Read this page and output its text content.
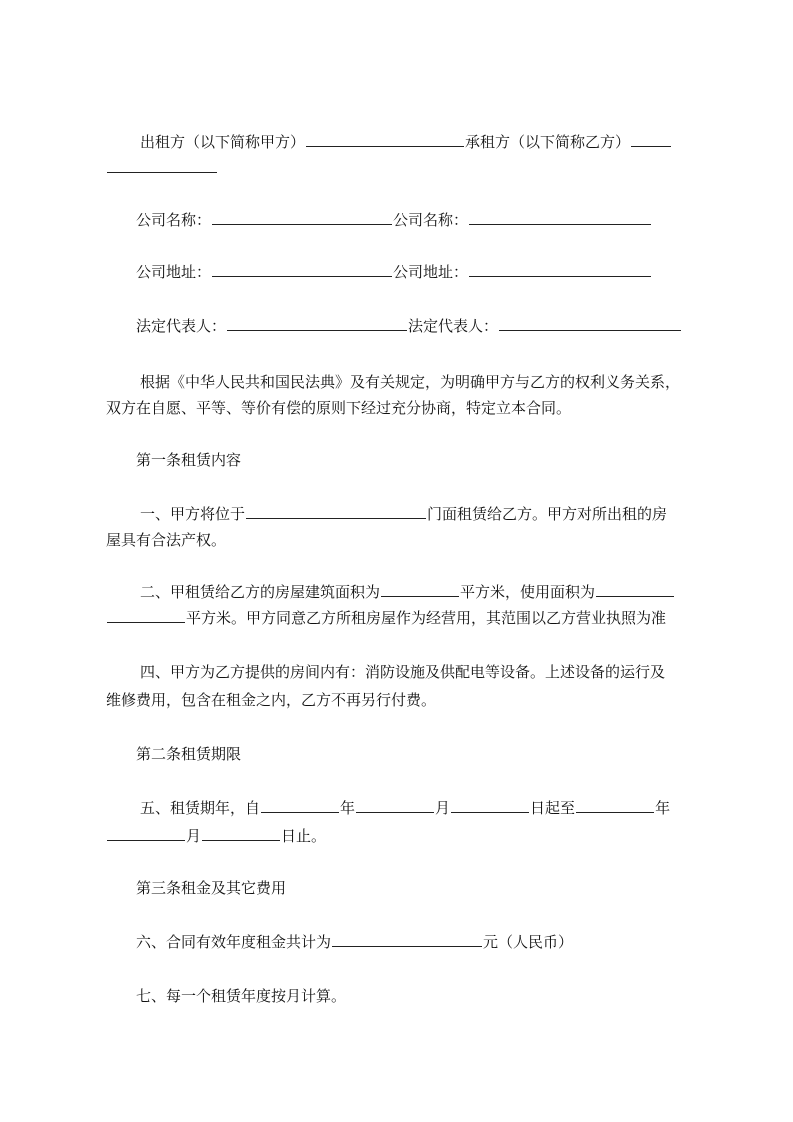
出租方（以下简称甲方）	承租方（以下简称乙方）
公司名称：	公司名称：
公司地址：	公司地址：
法定代表人：	法定代表人：
根据《中华人民共和国民法典》及有关规定，为明确甲方与乙方的权利义务关系，
双方在自愿、平等、等价有偿的原则下经过充分协商，特定立本合同。
第一条租赁内容
一、甲方将位于	门面租赁给乙方。甲方对所出租的房
屋具有合法产权。
二、甲租赁给乙方的房屋建筑面积为	平方米，使用面积为
平方米。甲方同意乙方所租房屋作为经营用，其范围以乙方营业执照为准
四、甲方为乙方提供的房间内有：消防设施及供配电等设备。上述设备的运行及
维修费用，包含在租金之内，乙方不再另行付费。
第二条租赁期限
五、租赁期年，自	年	月	日起至	年
月	日止。
第三条租金及其它费用
六、合同有效年度租金共计为	元（人民币）
七、每一个租赁年度按月计算。
